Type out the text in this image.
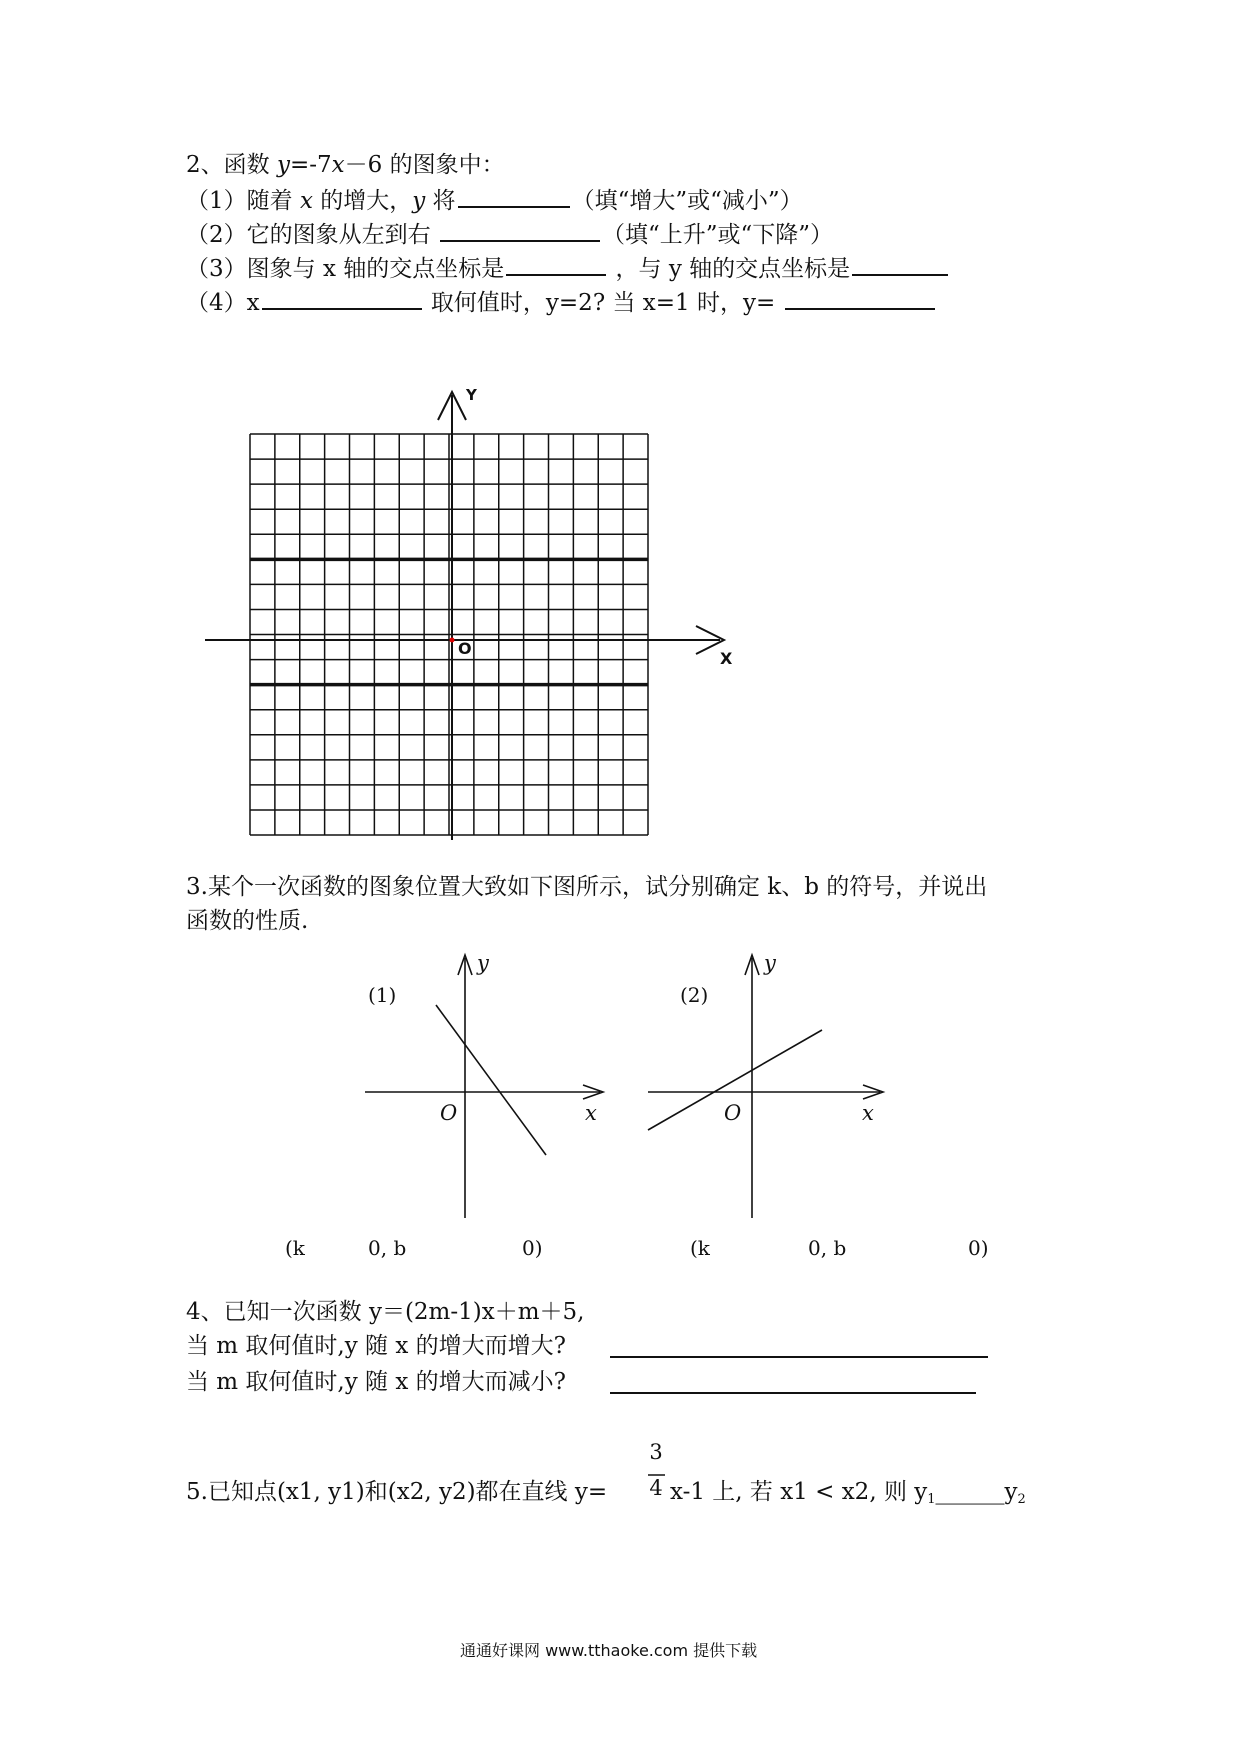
2、函数 y=-7x－6 的图象中：
（1）随着 x 的增大，y 将	（填“增大”或“减小”）
（2）它的图象从左到右	（填“上升”或“下降”）
（3）图象与 x 轴的交点坐标是	，与 y 轴的交点坐标是
（4）x	取何值时，y=2? 当 x=1 时，y=
Y
X
O
3.某个一次函数的图象位置大致如下图所示，试分别确定 k、b 的符号，并说出
函数的性质.
(1)
y
x
O
(2)
y
x
O
(k	0, b	0)	(k	0, b	0)
4、已知一次函数 y＝(2m-1)x＋m＋5,
当 m 取何值时,y 随 x 的增大而增大?
当 m 取何值时,y 随 x 的增大而减小?
3
4
5.已知点(x1, y1)和(x2, y2)都在直线 y=	x-1 上, 若 x1 < x2, 则 $y_1\_\_\_\_\_\_y_2$
通通好课网 www.tthaoke.com 提供下载
